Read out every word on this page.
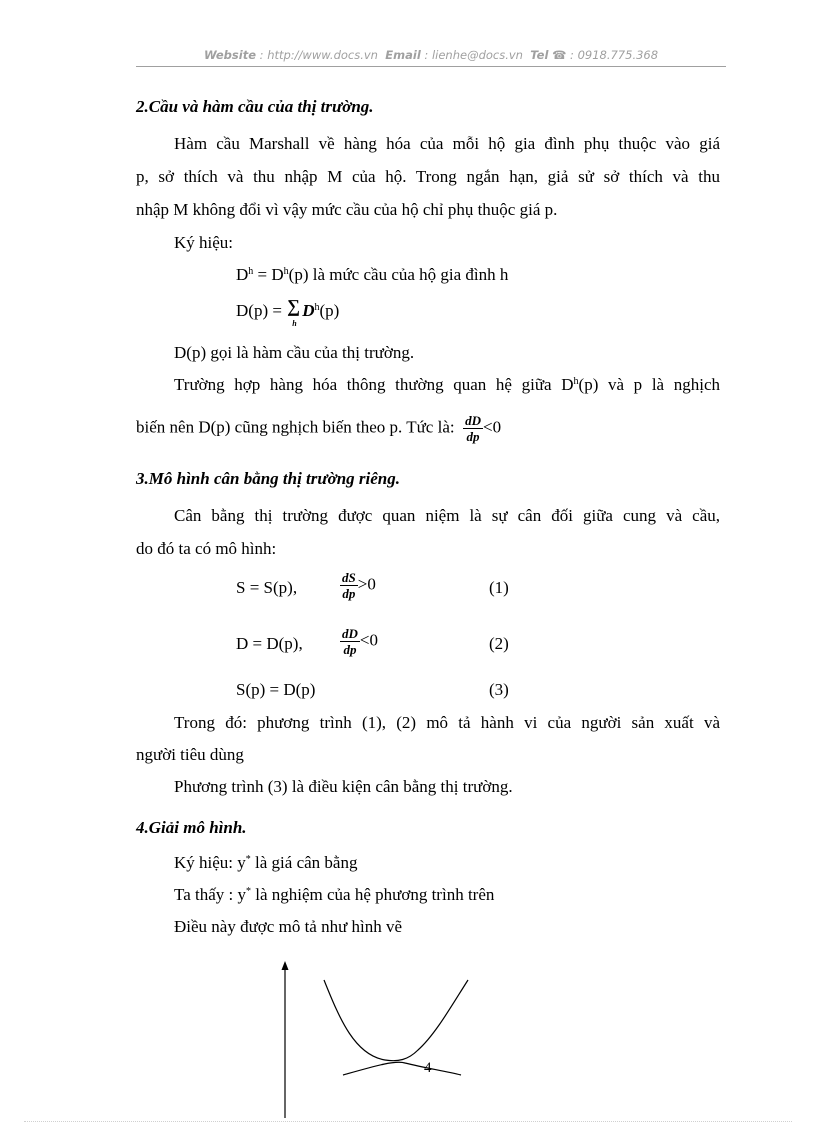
Website : http://www.docs.vn Email : lienhe@docs.vn Tel ☎ : 0918.775.368
2.Cầu và hàm cầu của thị trường.
Hàm cầu Marshall về hàng hóa của mỗi hộ gia đình phụ thuộc vào giá
p, sở thích và thu nhập M của hộ. Trong ngắn hạn, giả sử sở thích và thu
nhập M không đổi vì vậy mức cầu của hộ chỉ phụ thuộc giá p.
Ký hiệu:
$D^h = D^h(p)$ là mức cầu của hộ gia đình h
D(p) = ∑
h
$D^h(p)$
D(p) gọi là hàm cầu của thị trường.
Trường hợp hàng hóa thông thường quan hệ giữa $D^h(p)$ và p là nghịch
biến nên D(p) cũng nghịch biến theo p. Tức là: $\frac{dD}{dp} <0$
3.Mô hình cân bằng thị trường riêng.
Cân bằng thị trường được quan niệm là sự cân đối giữa cung và cầu,
do đó ta có mô hình:
S = S(p),	$\frac{dS}{dp} >0$	(1)
D = D(p),	$\frac{dD}{dp} <0$	(2)
S(p) = D(p)	(3)
Trong đó: phương trình (1), (2) mô tả hành vi của người sản xuất và
người tiêu dùng
Phương trình (3) là điều kiện cân bằng thị trường.
4.Giải mô hình.
Ký hiệu: y* là giá cân bằng
Ta thấy : y* là nghiệm của hệ phương trình trên
Điều này được mô tả như hình vẽ
4
